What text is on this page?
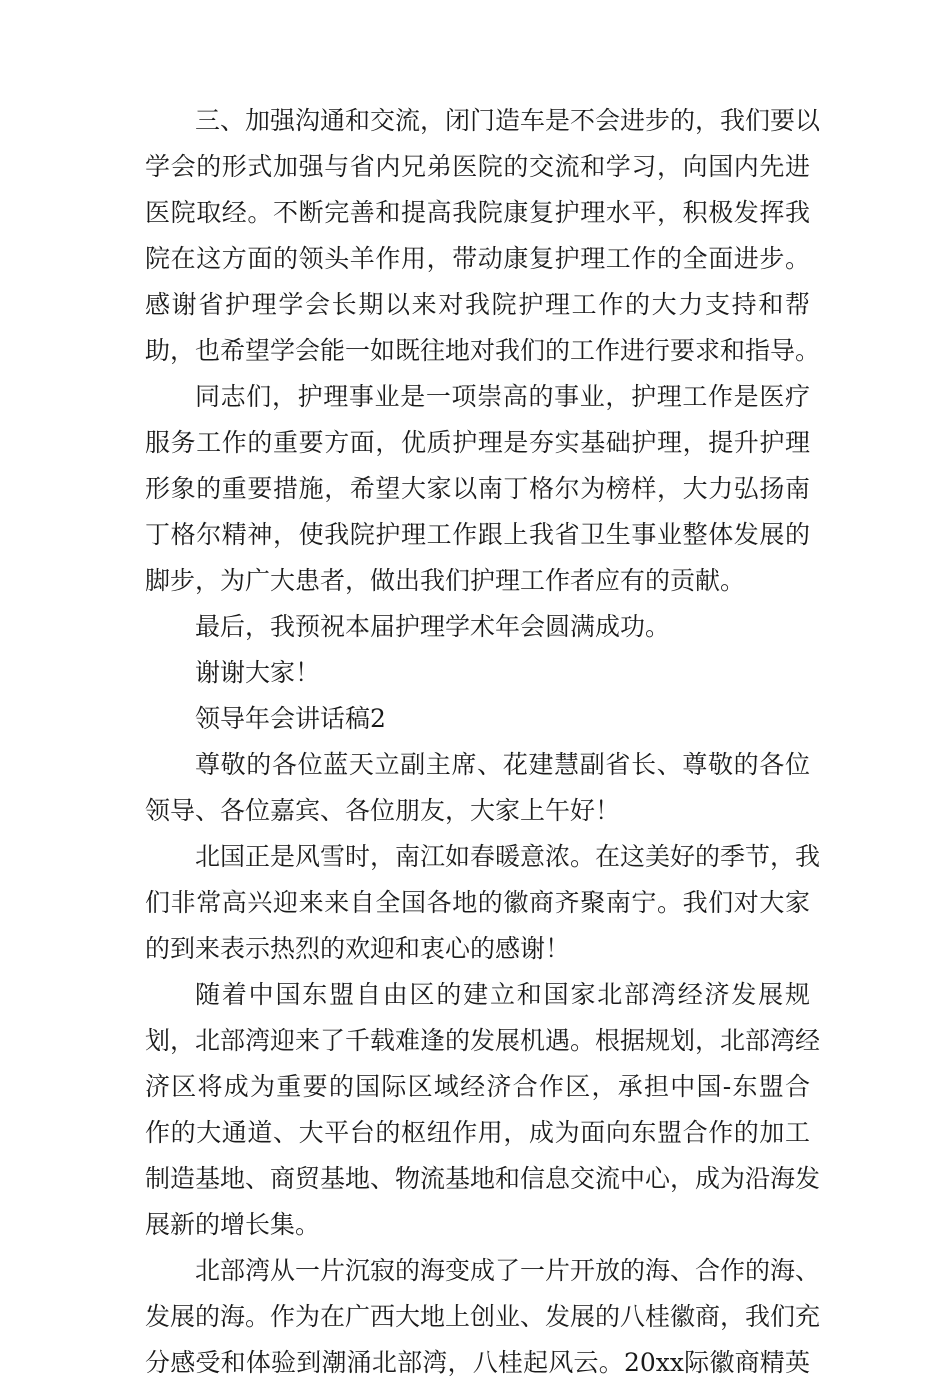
三、加强沟通和交流，闭门造车是不会进步的，我们要以
学会的形式加强与省内兄弟医院的交流和学习，向国内先进
医院取经。不断完善和提高我院康复护理水平，积极发挥我
院在这方面的领头羊作用，带动康复护理工作的全面进步。
感谢省护理学会长期以来对我院护理工作的大力支持和帮
助，也希望学会能一如既往地对我们的工作进行要求和指导。
同志们，护理事业是一项崇高的事业，护理工作是医疗
服务工作的重要方面，优质护理是夯实基础护理，提升护理
形象的重要措施，希望大家以南丁格尔为榜样，大力弘扬南
丁格尔精神，使我院护理工作跟上我省卫生事业整体发展的
脚步，为广大患者，做出我们护理工作者应有的贡献。
最后，我预祝本届护理学术年会圆满成功。
谢谢大家！
领导年会讲话稿2
尊敬的各位蓝天立副主席、花建慧副省长、尊敬的各位
领导、各位嘉宾、各位朋友，大家上午好！
北国正是风雪时，南江如春暖意浓。在这美好的季节，我
们非常高兴迎来来自全国各地的徽商齐聚南宁。我们对大家
的到来表示热烈的欢迎和衷心的感谢！
随着中国东盟自由区的建立和国家北部湾经济发展规
划，北部湾迎来了千载难逢的发展机遇。根据规划，北部湾经
济区将成为重要的国际区域经济合作区，承担中国-东盟合
作的大通道、大平台的枢纽作用，成为面向东盟合作的加工
制造基地、商贸基地、物流基地和信息交流中心，成为沿海发
展新的增长集。
北部湾从一片沉寂的海变成了一片开放的海、合作的海、
发展的海。作为在广西大地上创业、发展的八桂徽商，我们充
分感受和体验到潮涌北部湾，八桂起风云。20xx际徽商精英
